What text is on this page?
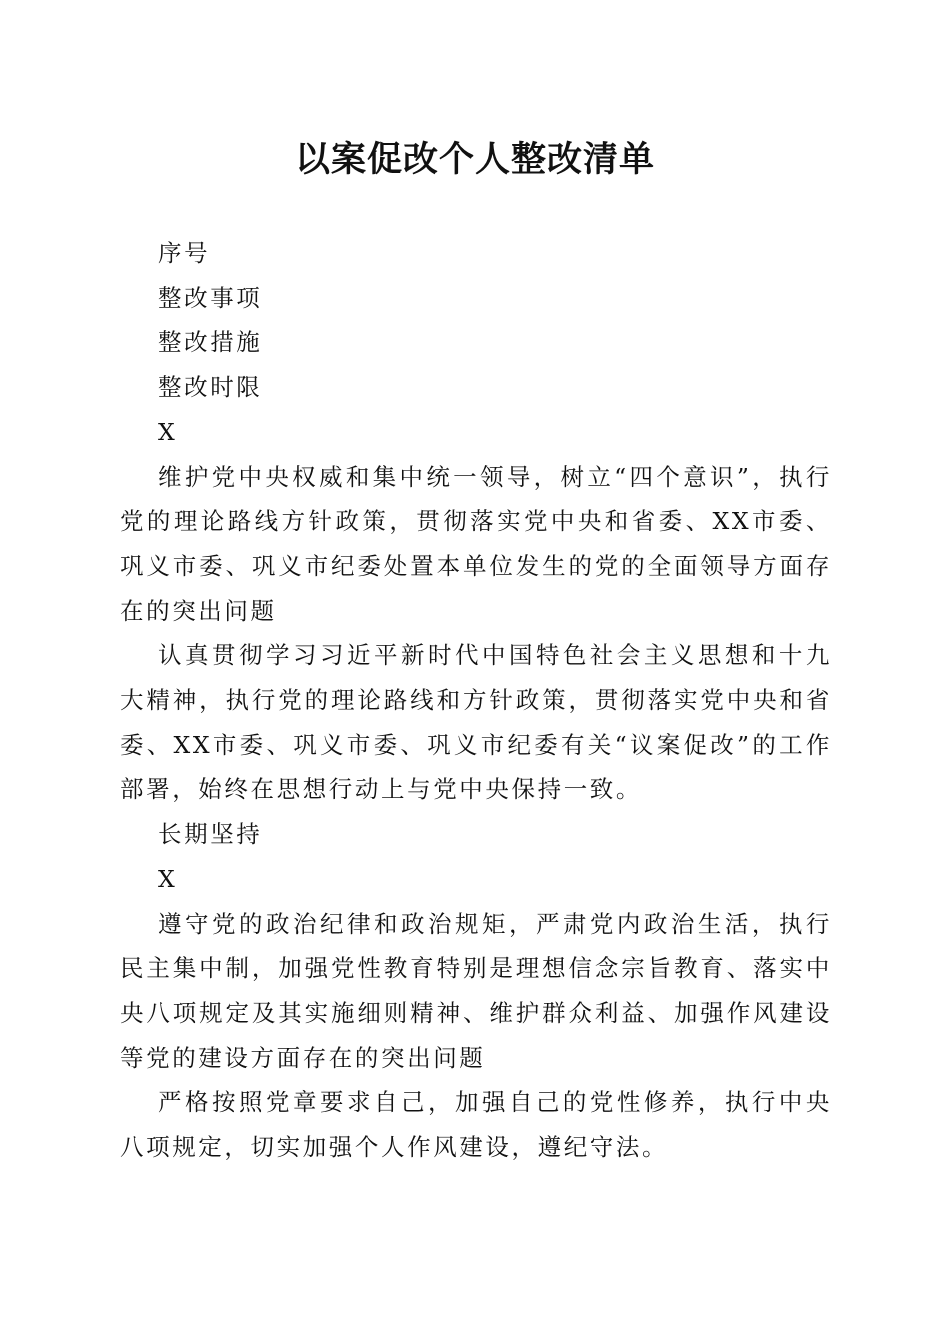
以案促改个人整改清单

序号

整改事项

整改措施

整改时限

X

维护党中央权威和集中统一领导，树立“四个意识”，执行党的理论路线方针政策，贯彻落实党中央和省委、XX市委、巩义市委、巩义市纪委处置本单位发生的党的全面领导方面存在的突出问题

认真贯彻学习习近平新时代中国特色社会主义思想和十九大精神，执行党的理论路线和方针政策，贯彻落实党中央和省委、XX市委、巩义市委、巩义市纪委有关“议案促改”的工作部署，始终在思想行动上与党中央保持一致。

长期坚持

X

遵守党的政治纪律和政治规矩，严肃党内政治生活，执行民主集中制，加强党性教育特别是理想信念宗旨教育、落实中央八项规定及其实施细则精神、维护群众利益、加强作风建设等党的建设方面存在的突出问题

严格按照党章要求自己，加强自己的党性修养，执行中央八项规定，切实加强个人作风建设，遵纪守法。
